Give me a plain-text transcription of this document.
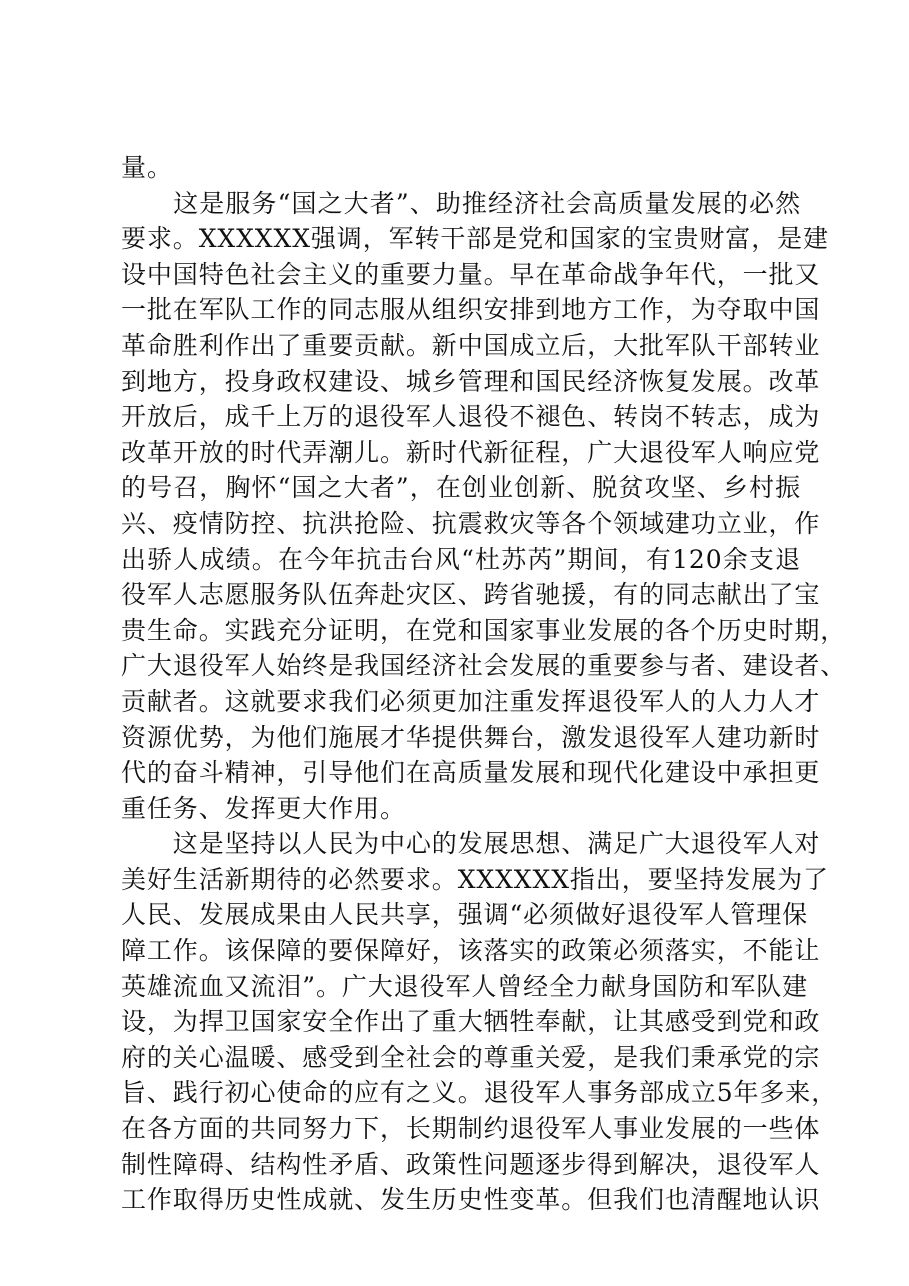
量。
　　这是服务“国之大者”、助推经济社会高质量发展的必然
要求。XXXXXX强调，军转干部是党和国家的宝贵财富，是建
设中国特色社会主义的重要力量。早在革命战争年代，一批又
一批在军队工作的同志服从组织安排到地方工作，为夺取中国
革命胜利作出了重要贡献。新中国成立后，大批军队干部转业
到地方，投身政权建设、城乡管理和国民经济恢复发展。改革
开放后，成千上万的退役军人退役不褪色、转岗不转志，成为
改革开放的时代弄潮儿。新时代新征程，广大退役军人响应党
的号召，胸怀“国之大者”，在创业创新、脱贫攻坚、乡村振
兴、疫情防控、抗洪抢险、抗震救灾等各个领域建功立业，作
出骄人成绩。在今年抗击台风“杜苏芮”期间，有120余支退
役军人志愿服务队伍奔赴灾区、跨省驰援，有的同志献出了宝
贵生命。实践充分证明，在党和国家事业发展的各个历史时期，
广大退役军人始终是我国经济社会发展的重要参与者、建设者、
贡献者。这就要求我们必须更加注重发挥退役军人的人力人才
资源优势，为他们施展才华提供舞台，激发退役军人建功新时
代的奋斗精神，引导他们在高质量发展和现代化建设中承担更
重任务、发挥更大作用。
　　这是坚持以人民为中心的发展思想、满足广大退役军人对
美好生活新期待的必然要求。XXXXXX指出，要坚持发展为了
人民、发展成果由人民共享，强调“必须做好退役军人管理保
障工作。该保障的要保障好，该落实的政策必须落实，不能让
英雄流血又流泪”。广大退役军人曾经全力献身国防和军队建
设，为捍卫国家安全作出了重大牺牲奉献，让其感受到党和政
府的关心温暖、感受到全社会的尊重关爱，是我们秉承党的宗
旨、践行初心使命的应有之义。退役军人事务部成立5年多来，
在各方面的共同努力下，长期制约退役军人事业发展的一些体
制性障碍、结构性矛盾、政策性问题逐步得到解决，退役军人
工作取得历史性成就、发生历史性变革。但我们也清醒地认识
